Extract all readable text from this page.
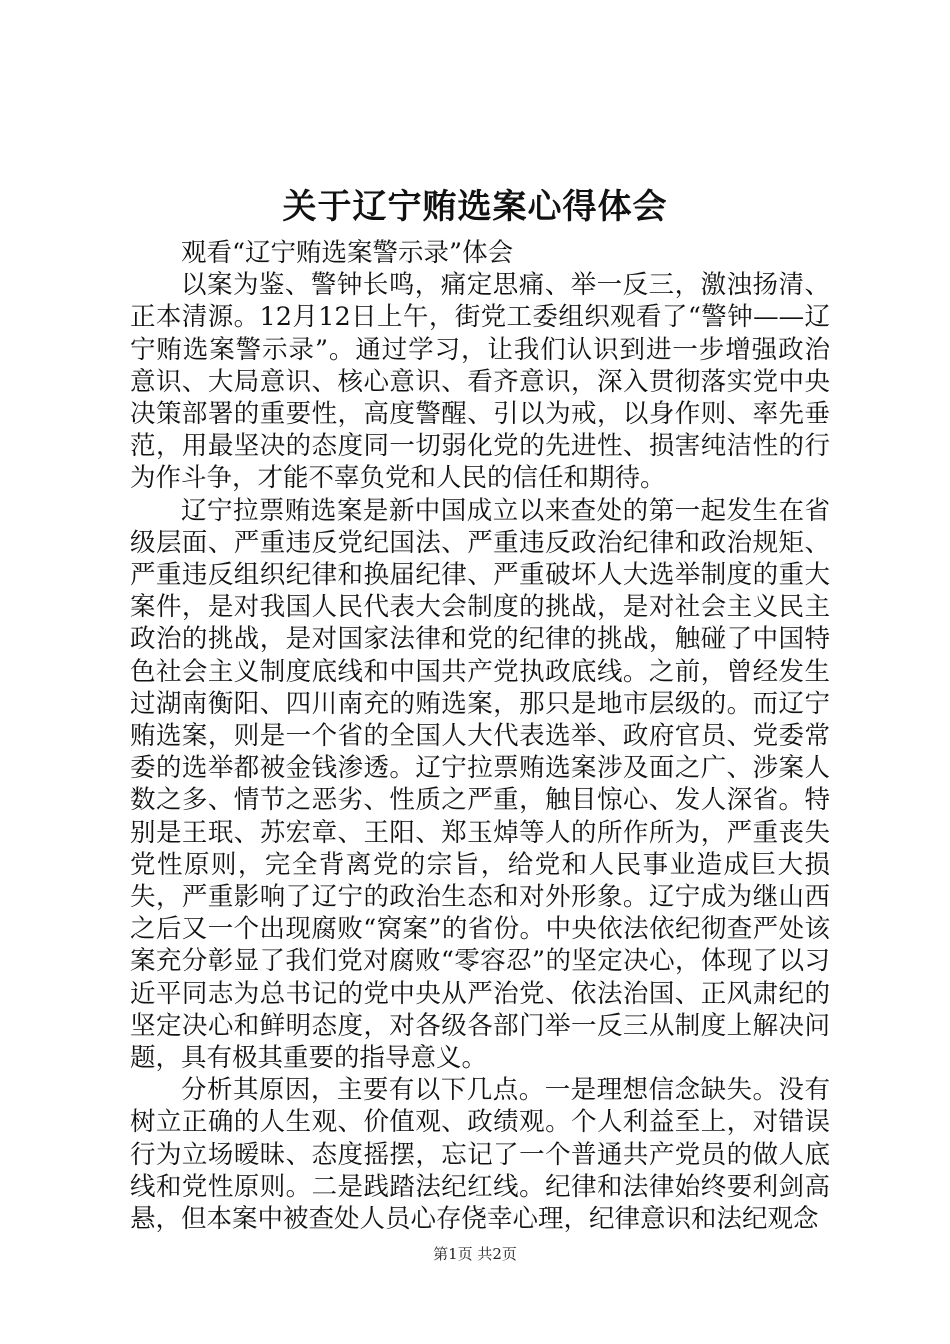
关于辽宁贿选案心得体会

观看“辽宁贿选案警示录”体会

以案为鉴、警钟长鸣，痛定思痛、举一反三，激浊扬清、正本清源。12月12日上午，街党工委组织观看了“警钟——辽宁贿选案警示录”。通过学习，让我们认识到进一步增强政治意识、大局意识、核心意识、看齐意识，深入贯彻落实党中央决策部署的重要性，高度警醒、引以为戒，以身作则、率先垂范，用最坚决的态度同一切弱化党的先进性、损害纯洁性的行为作斗争，才能不辜负党和人民的信任和期待。

辽宁拉票贿选案是新中国成立以来查处的第一起发生在省级层面、严重违反党纪国法、严重违反政治纪律和政治规矩、严重违反组织纪律和换届纪律、严重破坏人大选举制度的重大案件，是对我国人民代表大会制度的挑战，是对社会主义民主政治的挑战，是对国家法律和党的纪律的挑战，触碰了中国特色社会主义制度底线和中国共产党执政底线。之前，曾经发生过湖南衡阳、四川南充的贿选案，那只是地市层级的。而辽宁贿选案，则是一个省的全国人大代表选举、政府官员、党委常委的选举都被金钱渗透。辽宁拉票贿选案涉及面之广、涉案人数之多、情节之恶劣、性质之严重，触目惊心、发人深省。特别是王珉、苏宏章、王阳、郑玉焯等人的所作所为，严重丧失党性原则，完全背离党的宗旨，给党和人民事业造成巨大损失，严重影响了辽宁的政治生态和对外形象。辽宁成为继山西之后又一个出现腐败“窝案”的省份。中央依法依纪彻查严处该案充分彰显了我们党对腐败“零容忍”的坚定决心，体现了以习近平同志为总书记的党中央从严治党、依法治国、正风肃纪的坚定决心和鲜明态度，对各级各部门举一反三从制度上解决问题，具有极其重要的指导意义。

分析其原因，主要有以下几点。一是理想信念缺失。没有树立正确的人生观、价值观、政绩观。个人利益至上，对错误行为立场暧昧、态度摇摆，忘记了一个普通共产党员的做人底线和党性原则。二是践踏法纪红线。纪律和法律始终要利剑高悬，但本案中被查处人员心存侥幸心理，纪律意识和法纪观念

第1页 共2页
